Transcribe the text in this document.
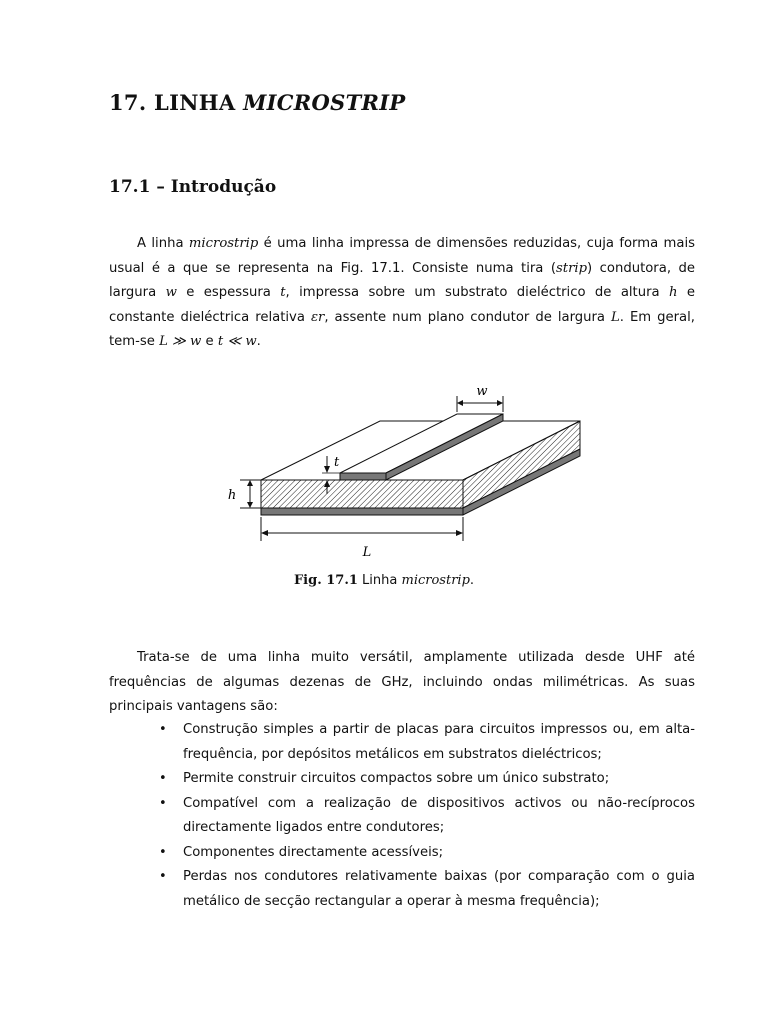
17. LINHA MICROSTRIP
17.1 – Introdução
A linha microstrip é uma linha impressa de dimensões reduzidas, cuja forma mais usual é a que se representa na Fig. 17.1. Consiste numa tira (strip) condutora, de largura w e espessura t, impressa sobre um substrato dieléctrico de altura h e constante dieléctrica relativa εr, assente num plano condutor de largura L. Em geral, tem-se L ≫ w e t ≪ w.
w
t
h
L
Fig. 17.1 Linha microstrip.
Trata-se de uma linha muito versátil, amplamente utilizada desde UHF até frequências de algumas dezenas de GHz, incluindo ondas milimétricas. As suas principais vantagens são:
• Construção simples a partir de placas para circuitos impressos ou, em alta-frequência, por depósitos metálicos em substratos dieléctricos;
• Permite construir circuitos compactos sobre um único substrato;
• Compatível com a realização de dispositivos activos ou não-recíprocos directamente ligados entre condutores;
• Componentes directamente acessíveis;
• Perdas nos condutores relativamente baixas (por comparação com o guia metálico de secção rectangular a operar à mesma frequência);
